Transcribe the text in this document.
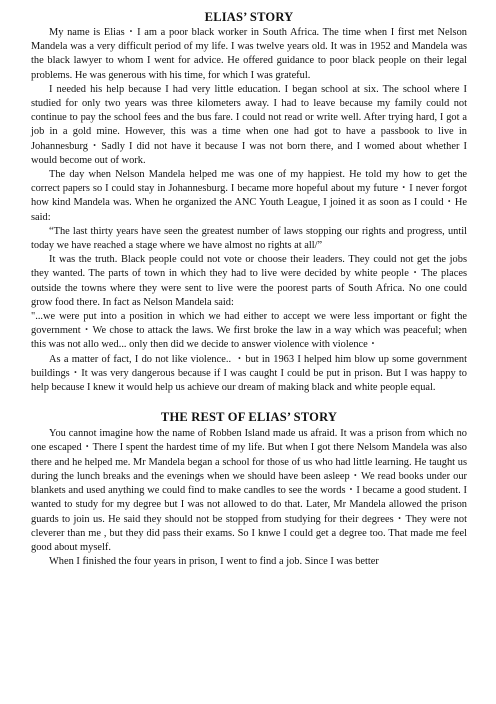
ELIAS’ STORY

My name is Elias・I am a poor black worker in South Africa. The time when I first met Nelson Mandela was a very difficult period of my life. I was twelve years old. It was in 1952 and Mandela was the black lawyer to whom I went for advice. He offered guidance to poor black people on their legal problems. He was generous with his time, for which I was grateful.

I needed his help because I had very little education. I began school at six. The school where I studied for only two years was three kilometers away. I had to leave because my family could not continue to pay the school fees and the bus fare. I could not read or write well. After trying hard, I got a job in a gold mine. However, this was a time when one had got to have a passbook to live in Johannesburg・Sadly I did not have it because I was not born there, and I womed about whether I would become out of work.

The day when Nelson Mandela helped me was one of my happiest. He told my how to get the correct papers so I could stay in Johannesburg. I became more hopeful about my future・I never forgot how kind Mandela was. When he organized the ANC Youth League, I joined it as soon as I could・He said:

“The last thirty years have seen the greatest number of laws stopping our rights and progress, until today we have reached a stage where we have almost no rights at all/”

It was the truth. Black people could not vote or choose their leaders. They could not get the jobs they wanted. The parts of town in which they had to live were decided by white people・The places outside the towns where they were sent to live were the poorest parts of South Africa. No one could grow food there. In fact as Nelson Mandela said:

"...we were put into a position in which we had either to accept we were less important or fight the government・We chose to attack the laws. We first broke the law in a way which was peaceful; when this was not allo wed... only then did we decide to answer violence with violence・

As a matter of fact, I do not like violence.. ・but in 1963 I helped him blow up some government buildings・It was very dangerous because if I was caught I could be put in prison. But I was happy to help because I knew it would help us achieve our dream of making black and white people equal.

THE REST OF ELIAS’ STORY

You cannot imagine how the name of Robben Island made us afraid. It was a prison from which no one escaped・There I spent the hardest time of my life. But when I got there Nelsom Mandela was also there and he helped me. Mr Mandela began a school for those of us who had little learning. He taught us during the lunch breaks and the evenings when we should have been asleep・We read books under our blankets and used anything we could find to make candles to see the words・I became a good student. I wanted to study for my degree but I was not allowed to do that. Later, Mr Mandela allowed the prison guards to join us. He said they should not be stopped from studying for their degrees・They were not cleverer than me , but they did pass their exams. So I knwe I could get a degree too. That made me feel good about myself.

When I finished the four years in prison, I went to find a job. Since I was better
